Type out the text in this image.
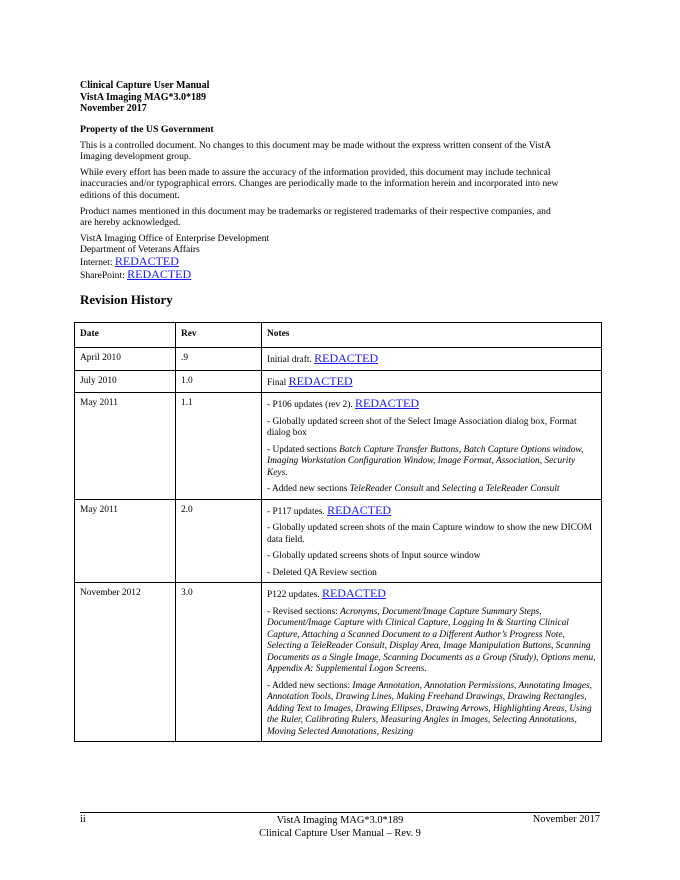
Clinical Capture User Manual
VistA Imaging MAG*3.0*189
November 2017

Property of the US Government

This is a controlled document. No changes to this document may be made without the express written consent of the VistA Imaging development group.

While every effort has been made to assure the accuracy of the information provided, this document may include technical inaccuracies and/or typographical errors. Changes are periodically made to the information herein and incorporated into new editions of this document.

Product names mentioned in this document may be trademarks or registered trademarks of their respective companies, and are hereby acknowledged.

VistA Imaging Office of Enterprise Development

Department of Veterans Affairs

Internet: REDACTED

SharePoint: REDACTED

Revision History
Date	Rev	Notes
April 2010	.9	Initial draft. REDACTED

July 2010	1.0	Final REDACTED

May 2011	1.1	- P106 updates (rev 2). REDACTED

- Globally updated screen shot of the Select Image Association dialog box, Format dialog box

- Updated sections Batch Capture Transfer Buttons, Batch Capture Options window, Imaging Workstation Configuration Window, Image Format, Association, Security Keys.

- Added new sections TeleReader Consult and Selecting a TeleReader Consult

May 2011	2.0	- P117 updates. REDACTED

- Globally updated screen shots of the main Capture window to show the new DICOM data field.

- Globally updated screens shots of Input source window

- Deleted QA Review section

November 2012	3.0	P122 updates. REDACTED

- Revised sections: Acronyms, Document/Image Capture Summary Steps, Document/Image Capture with Clinical Capture, Logging In & Starting Clinical Capture, Attaching a Scanned Document to a Different Author’s Progress Note, Selecting a TeleReader Consult, Display Area, Image Manipulation Buttons, Scanning Documents as a Single Image, Scanning Documents as a Group (Study), Options menu, Appendix A: Supplemental Logon Screens.

- Added new sections: Image Annotation, Annotation Permissions, Annotating Images, Annotation Tools, Drawing Lines, Making Freehand Drawings, Drawing Rectangles, Adding Text to Images, Drawing Ellipses, Drawing Arrows, Highlighting Areas, Using the Ruler, Calibrating Rulers, Measuring Angles in Images, Selecting Annotations, Moving Selected Annotations, Resizing

ii	VistA Imaging MAG*3.0*189
Clinical Capture User Manual – Rev. 9
November 2017
